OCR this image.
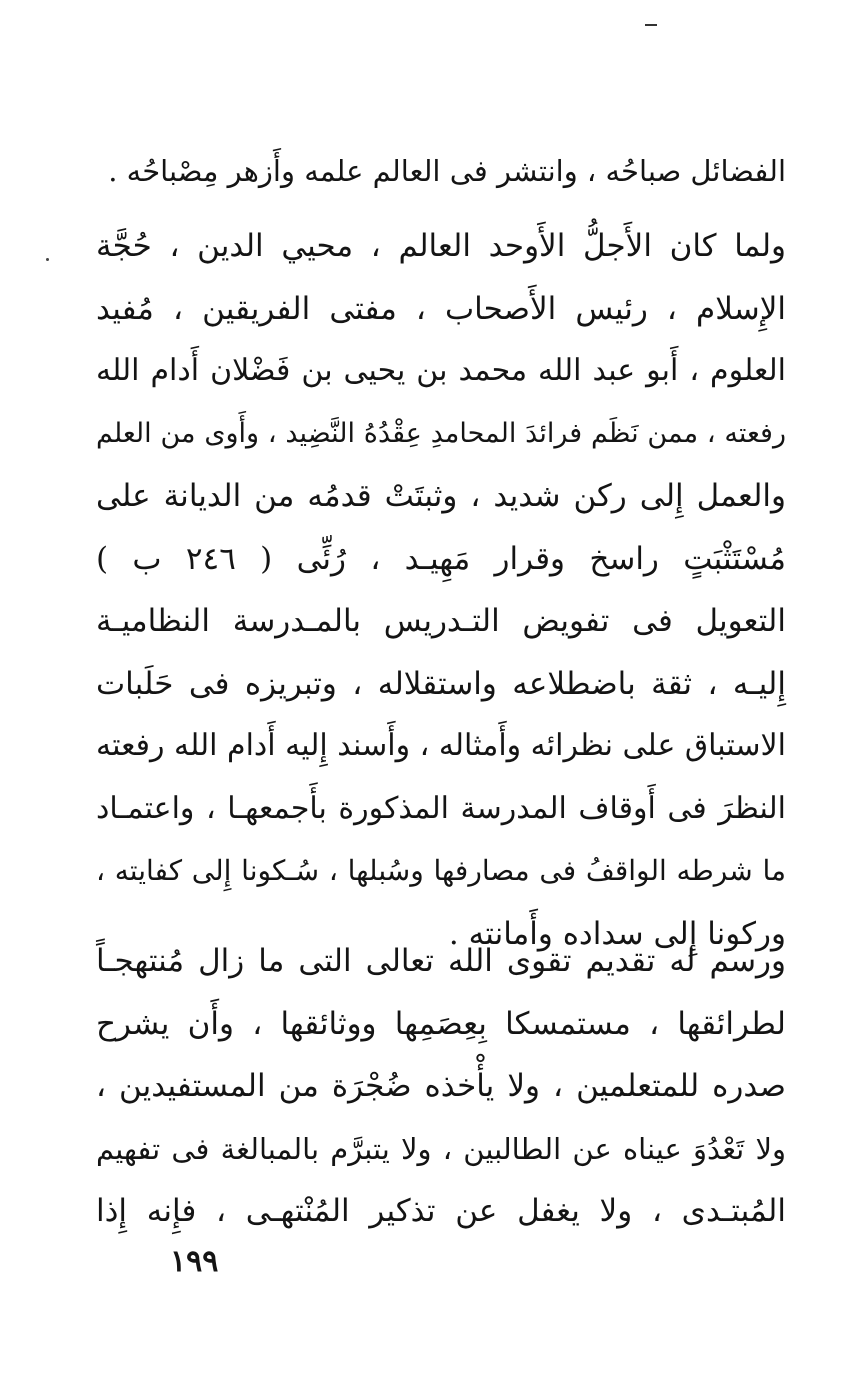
الفضائل صباحُه ، وانتشر فى العالم علمه وأَزهر مِصْباحُه .
ولما كان الأَجلُّ الأَوحد العالم ، محيي الدين ، حُجَّة
الإِسلام ، رئيس الأَصحاب ، مفتى الفريقين ، مُفيد
العلوم ، أَبو عبد الله محمد بن يحيى بن فَضْلان أَدام الله
رفعته ، ممن نَظَم فرائدَ المحامدِ عِقْدُهُ النَّضِيد ، وأَوى من العلم
والعمل إِلى ركن شديد ، وثبتَتْ قدمُه من الديانة على
مُسْتَثْبَتٍ راسخ وقرار مَهِيـد ، رُئِّى ( ٢٤٦ ب )
التعويل فى تفويض التـدريس بالمـدرسة النظاميـة
إِليـه ، ثقة باضطلاعه واستقلاله ، وتبريزه فى حَلَبات
الاستباق على نظرائه وأَمثاله ، وأَسند إِليه أَدام الله رفعته
النظرَ فى أَوقاف المدرسة المذكورة بأَجمعهـا ، واعتمـاد
ما شرطه الواقفُ فى مصارفها وسُبلها ، سُـكونا إِلى كفايته ،
وركونا إِلى سداده وأَمانته .
ورسم له تقديم تقوى الله تعالى التى ما زال مُنتهجـاً
لطرائقها ، مستمسكا بِعِصَمِها ووثائقها ، وأَن يشرح
صدره للمتعلمين ، ولا يأْخذه ضُجْرَة من المستفيدين ،
ولا تَعْدُوَ عيناه عن الطالبين ، ولا يتبرَّم بالمبالغة فى تفهيم
المُبتـدى ، ولا يغفل عن تذكير المُنْتهـى ، فإِنه إِذا
١٩٩
